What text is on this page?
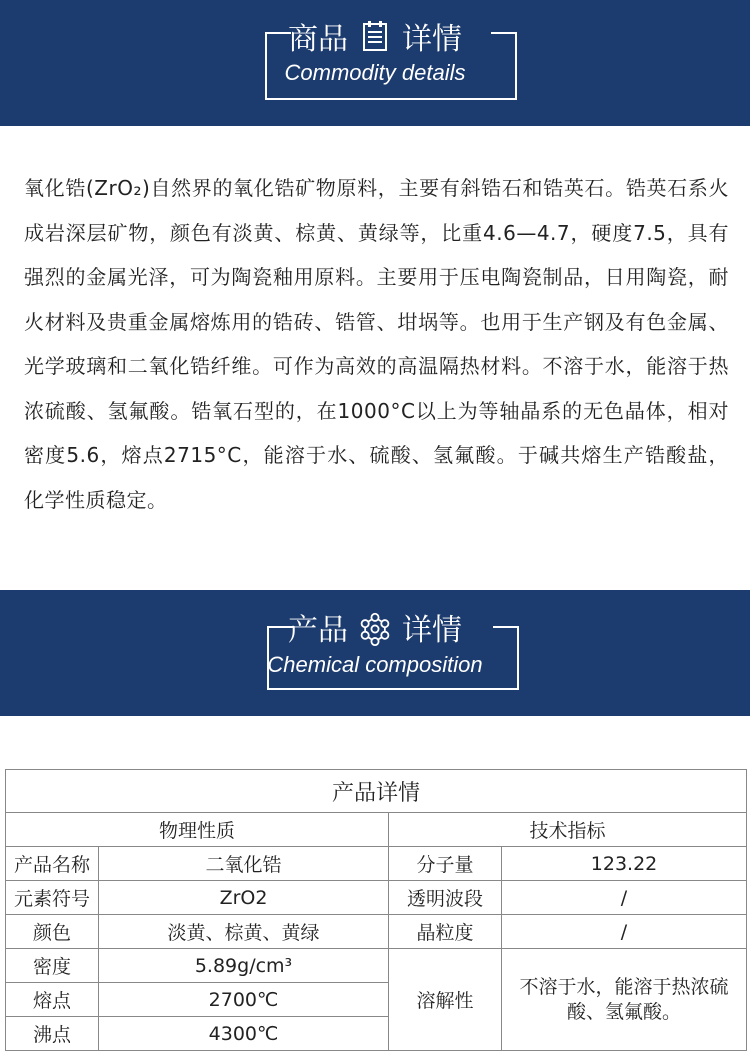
商品 详情
Commodity details
氧化锆(ZrO₂)自然界的氧化锆矿物原料，主要有斜锆石和锆英石。锆英石系火成岩深层矿物，颜色有淡黄、棕黄、黄绿等，比重4.6—4.7，硬度7.5，具有强烈的金属光泽，可为陶瓷釉用原料。主要用于压电陶瓷制品，日用陶瓷，耐火材料及贵重金属熔炼用的锆砖、锆管、坩埚等。也用于生产钢及有色金属、光学玻璃和二氧化锆纤维。可作为高效的高温隔热材料。不溶于水，能溶于热浓硫酸、氢氟酸。锆氧石型的，在1000°C以上为等轴晶系的无色晶体，相对密度5.6，熔点2715°C，能溶于水、硫酸、氢氟酸。于碱共熔生产锆酸盐，化学性质稳定。
产品 详情
Chemical composition
产品详情			
物理性质		技术指标	
产品名称	二氧化锆	分子量	123.22
元素符号	ZrO2	透明波段	/
颜色	淡黄、棕黄、黄绿	晶粒度	/
密度	5.89g/cm³	溶解性	不溶于水，能溶于热浓硫酸、氢氟酸。
熔点	2700℃		
沸点	4300℃		
